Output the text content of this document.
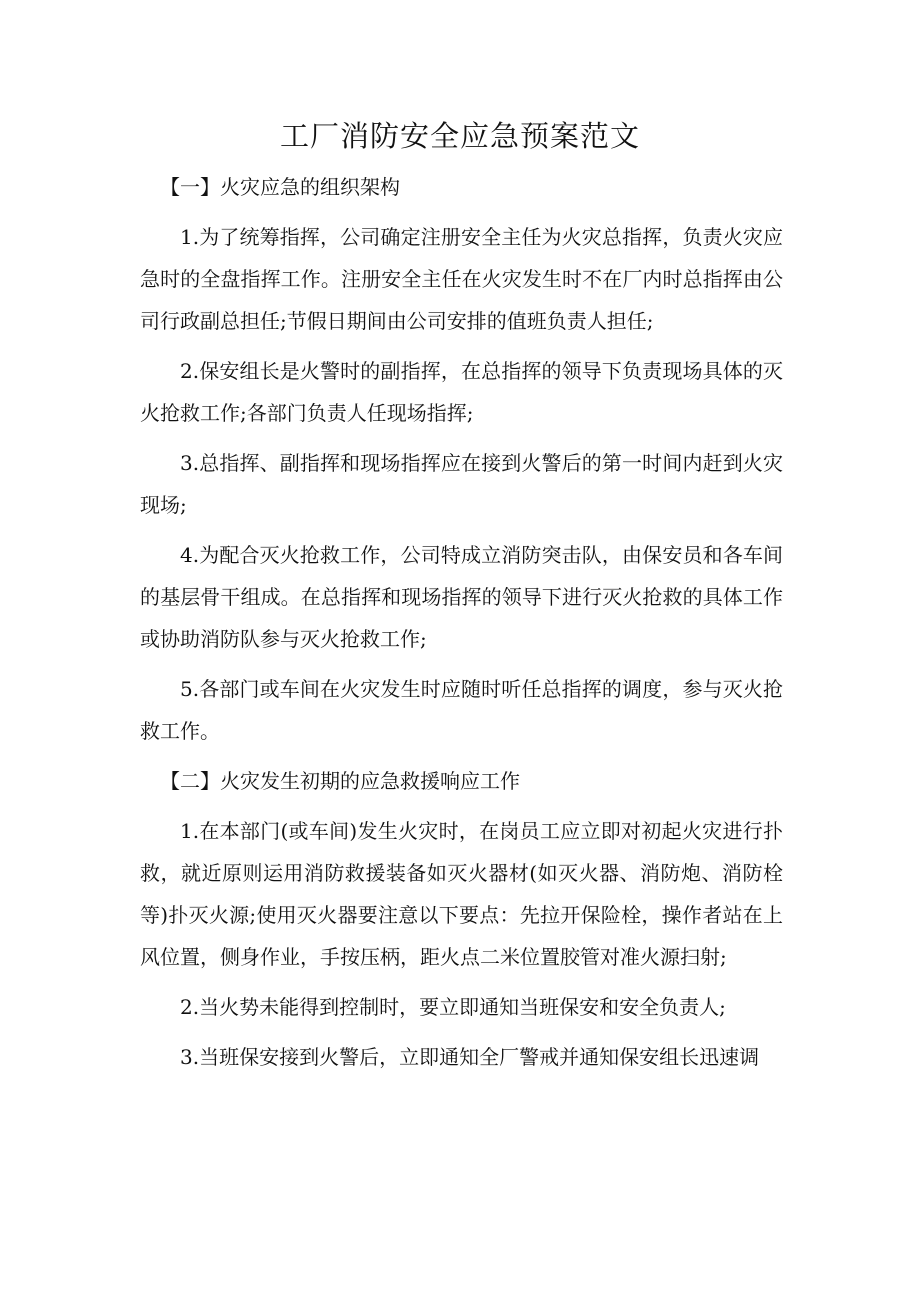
工厂消防安全应急预案范文

【一】火灾应急的组织架构

1.为了统筹指挥，公司确定注册安全主任为火灾总指挥，负责火灾应急时的全盘指挥工作。注册安全主任在火灾发生时不在厂内时总指挥由公司行政副总担任;节假日期间由公司安排的值班负责人担任;

2.保安组长是火警时的副指挥，在总指挥的领导下负责现场具体的灭火抢救工作;各部门负责人任现场指挥;

3.总指挥、副指挥和现场指挥应在接到火警后的第一时间内赶到火灾现场;

4.为配合灭火抢救工作，公司特成立消防突击队，由保安员和各车间的基层骨干组成。在总指挥和现场指挥的领导下进行灭火抢救的具体工作或协助消防队参与灭火抢救工作;

5.各部门或车间在火灾发生时应随时听任总指挥的调度，参与灭火抢救工作。

【二】火灾发生初期的应急救援响应工作

1.在本部门(或车间)发生火灾时，在岗员工应立即对初起火灾进行扑救，就近原则运用消防救援装备如灭火器材(如灭火器、消防炮、消防栓等)扑灭火源;使用灭火器要注意以下要点：先拉开保险栓，操作者站在上风位置，侧身作业，手按压柄，距火点二米位置胶管对准火源扫射;

2.当火势未能得到控制时，要立即通知当班保安和安全负责人;

3.当班保安接到火警后，立即通知全厂警戒并通知保安组长迅速调
